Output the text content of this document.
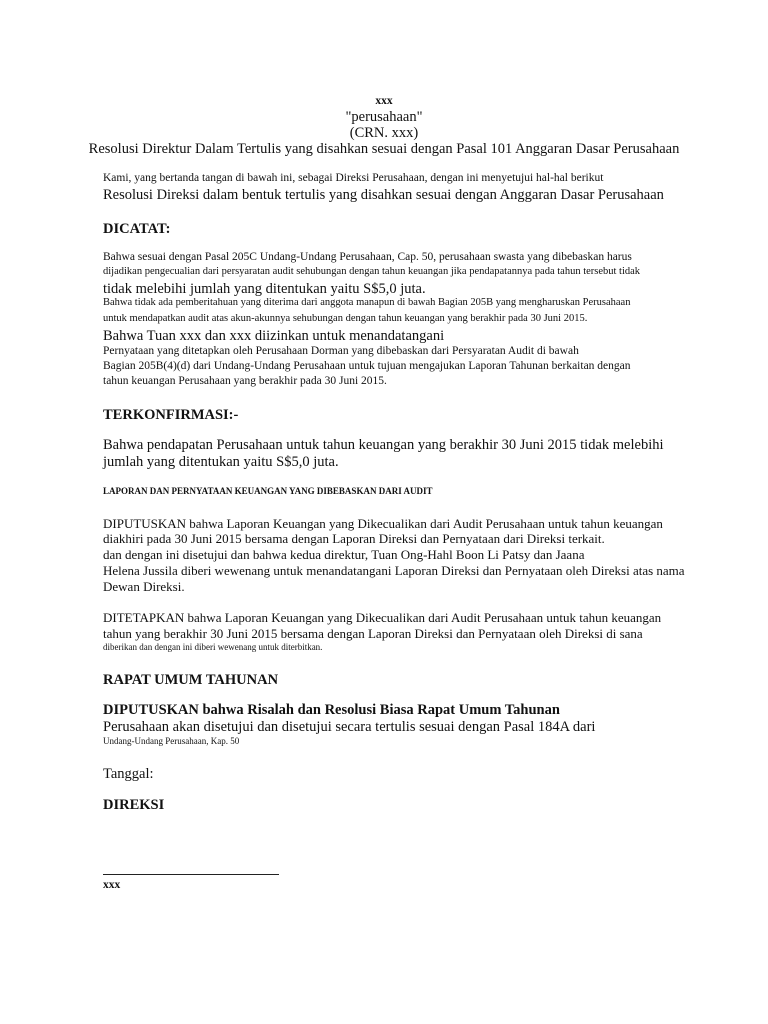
xxx
"perusahaan"
(CRN. xxx)
Resolusi Direktur Dalam Tertulis yang disahkan sesuai dengan Pasal 101 Anggaran Dasar Perusahaan
Kami, yang bertanda tangan di bawah ini, sebagai Direksi Perusahaan, dengan ini menyetujui hal-hal berikut
Resolusi Direksi dalam bentuk tertulis yang disahkan sesuai dengan Anggaran Dasar Perusahaan
DICATAT:
Bahwa sesuai dengan Pasal 205C Undang-Undang Perusahaan, Cap. 50, perusahaan swasta yang dibebaskan harus
dijadikan pengecualian dari persyaratan audit sehubungan dengan tahun keuangan jika pendapatannya pada tahun tersebut tidak
tidak melebihi jumlah yang ditentukan yaitu S$5,0 juta.
Bahwa tidak ada pemberitahuan yang diterima dari anggota manapun di bawah Bagian 205B yang mengharuskan Perusahaan
untuk mendapatkan audit atas akun-akunnya sehubungan dengan tahun keuangan yang berakhir pada 30 Juni 2015.
Bahwa Tuan xxx dan xxx diizinkan untuk menandatangani
Pernyataan yang ditetapkan oleh Perusahaan Dorman yang dibebaskan dari Persyaratan Audit di bawah
Bagian 205B(4)(d) dari Undang-Undang Perusahaan untuk tujuan mengajukan Laporan Tahunan berkaitan dengan
tahun keuangan Perusahaan yang berakhir pada 30 Juni 2015.
TERKONFIRMASI:-
Bahwa pendapatan Perusahaan untuk tahun keuangan yang berakhir 30 Juni 2015 tidak melebihi
jumlah yang ditentukan yaitu S$5,0 juta.
LAPORAN DAN PERNYATAAN KEUANGAN YANG DIBEBASKAN DARI AUDIT
DIPUTUSKAN bahwa Laporan Keuangan yang Dikecualikan dari Audit Perusahaan untuk tahun keuangan
diakhiri pada 30 Juni 2015 bersama dengan Laporan Direksi dan Pernyataan dari Direksi terkait.
dan dengan ini disetujui dan bahwa kedua direktur, Tuan Ong-Hahl Boon Li Patsy dan Jaana
Helena Jussila diberi wewenang untuk menandatangani Laporan Direksi dan Pernyataan oleh Direksi atas nama
Dewan Direksi.
DITETAPKAN bahwa Laporan Keuangan yang Dikecualikan dari Audit Perusahaan untuk tahun keuangan
tahun yang berakhir 30 Juni 2015 bersama dengan Laporan Direksi dan Pernyataan oleh Direksi di sana
diberikan dan dengan ini diberi wewenang untuk diterbitkan.
RAPAT UMUM TAHUNAN
DIPUTUSKAN bahwa Risalah dan Resolusi Biasa Rapat Umum Tahunan
Perusahaan akan disetujui dan disetujui secara tertulis sesuai dengan Pasal 184A dari
Undang-Undang Perusahaan, Kap. 50
Tanggal:
DIREKSI
xxx
